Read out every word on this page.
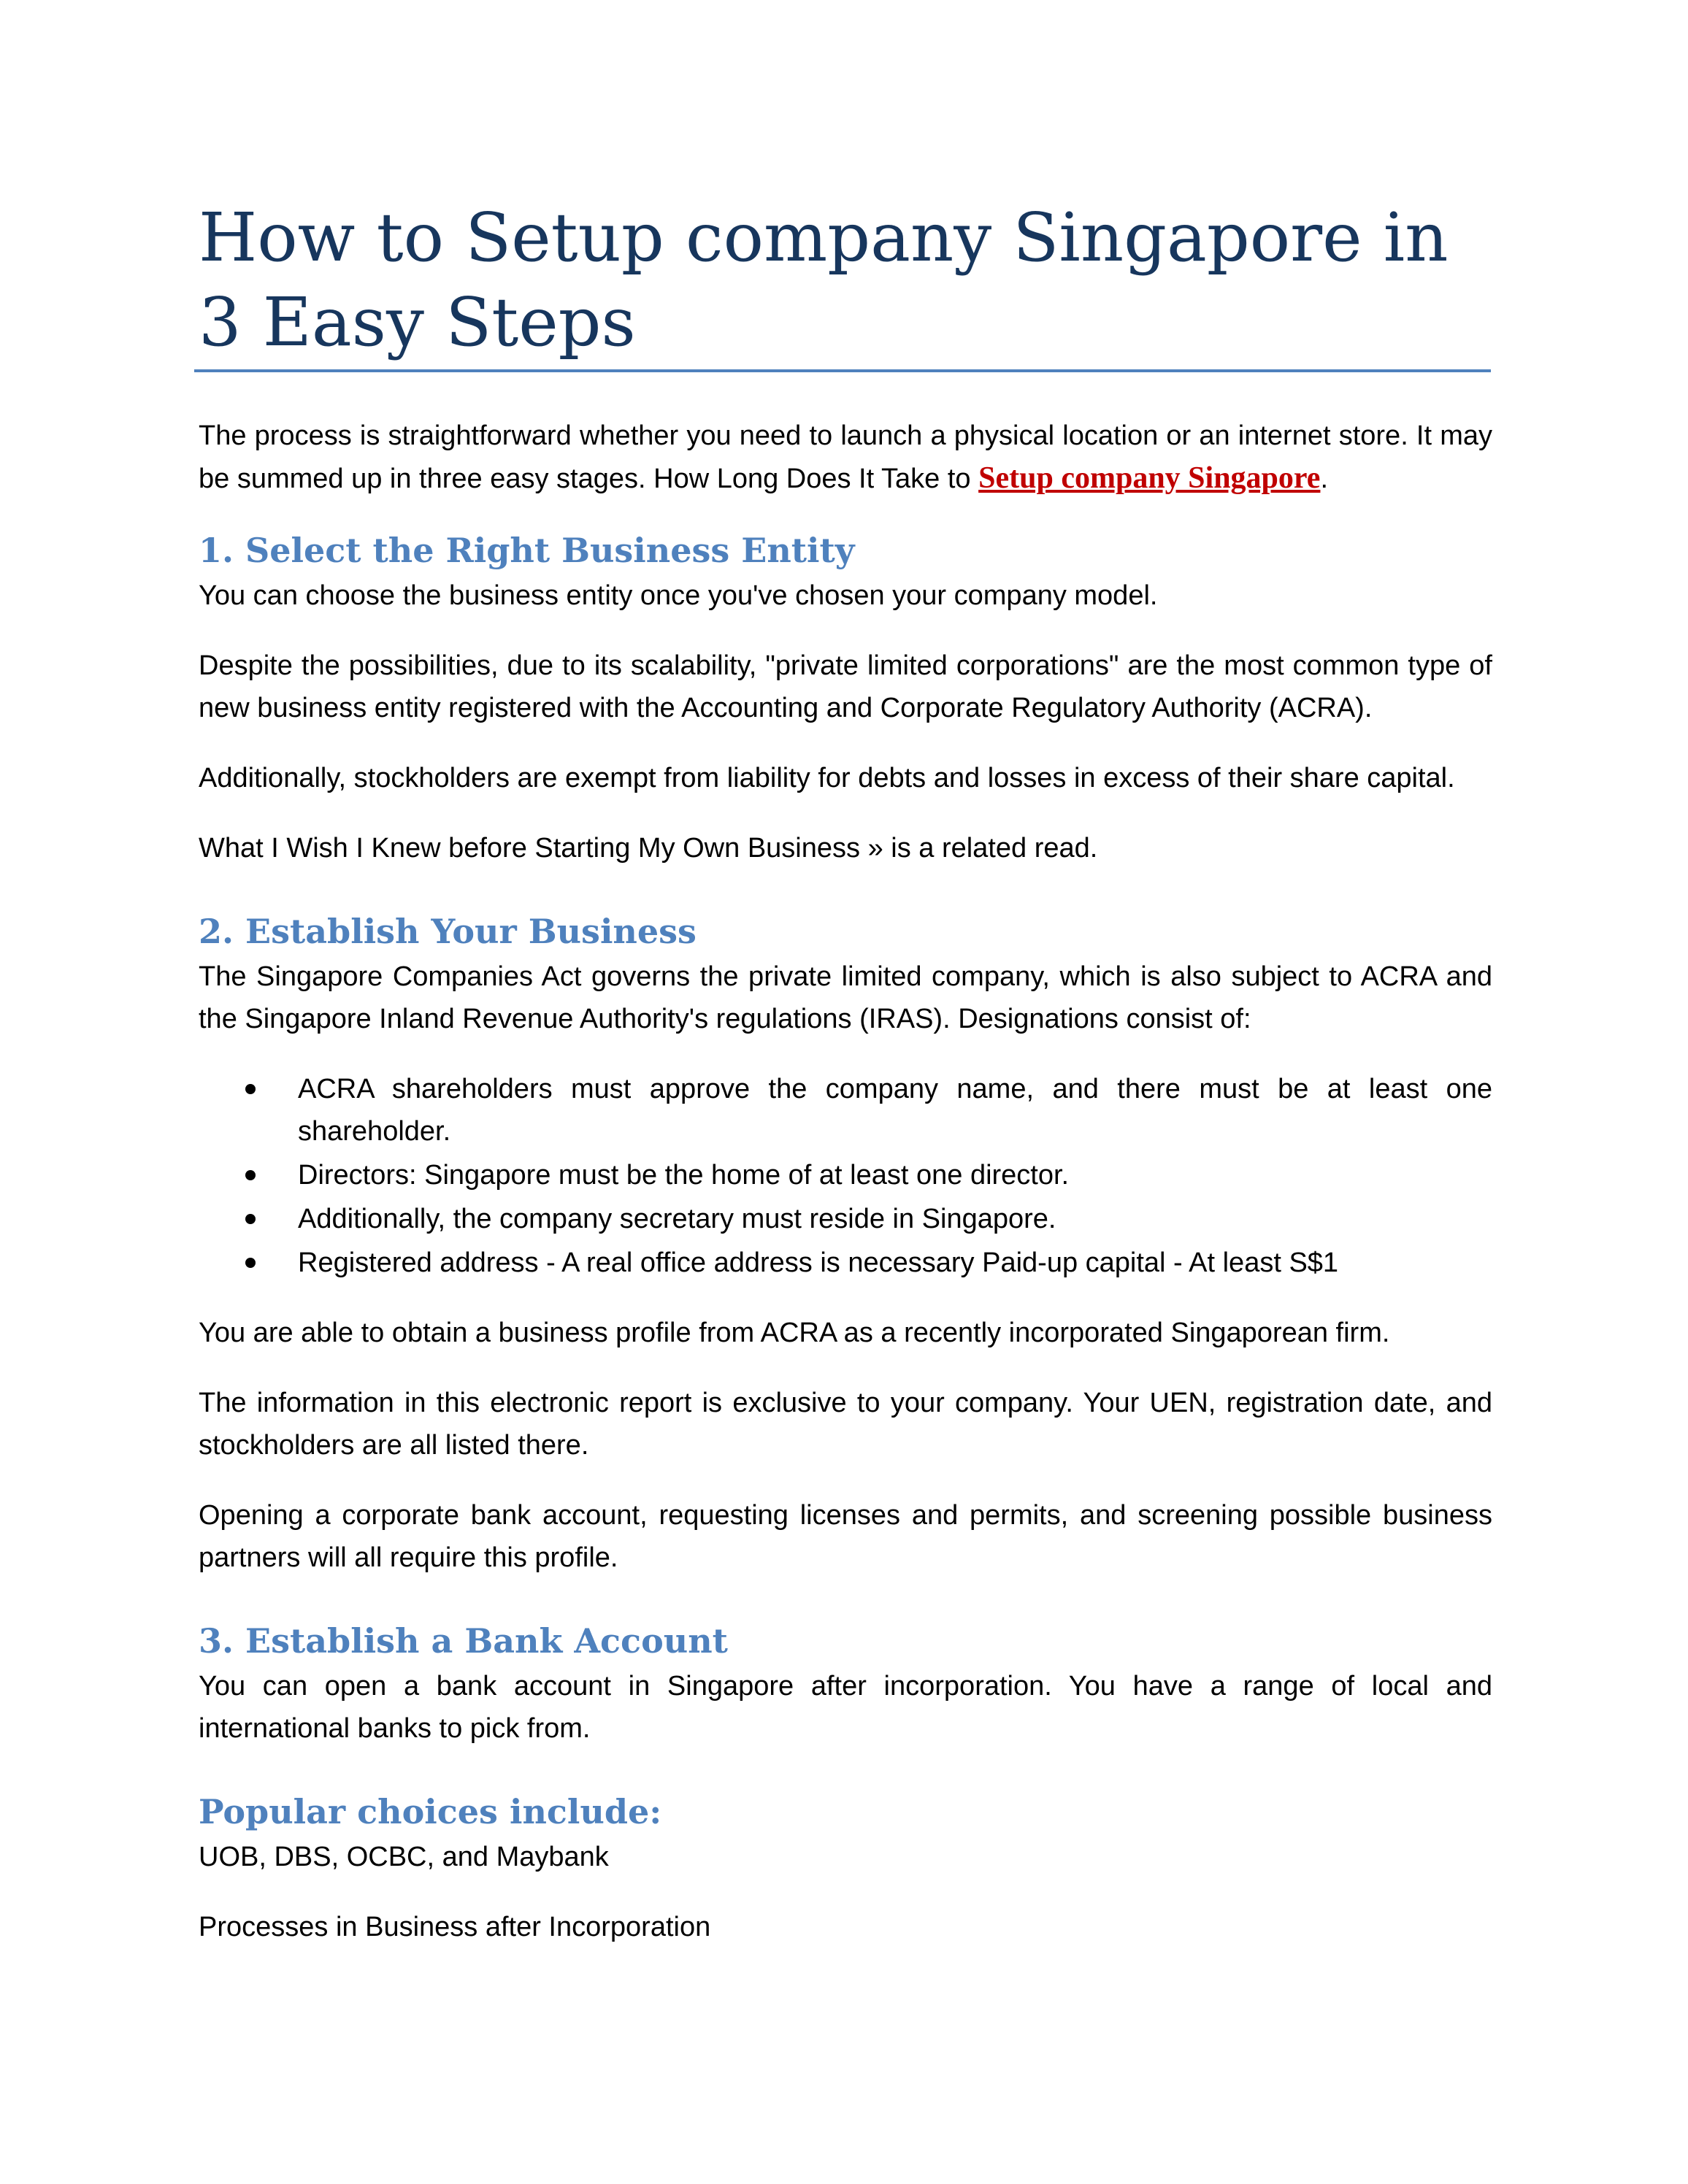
How to Setup company Singapore in 3 Easy Steps

The process is straightforward whether you need to launch a physical location or an internet store. It may be summed up in three easy stages. How Long Does It Take to Setup company Singapore.

1. Select the Right Business Entity

You can choose the business entity once you've chosen your company model.

Despite the possibilities, due to its scalability, "private limited corporations" are the most common type of new business entity registered with the Accounting and Corporate Regulatory Authority (ACRA).

Additionally, stockholders are exempt from liability for debts and losses in excess of their share capital.

What I Wish I Knew before Starting My Own Business » is a related read.

2. Establish Your Business

The Singapore Companies Act governs the private limited company, which is also subject to ACRA and the Singapore Inland Revenue Authority's regulations (IRAS). Designations consist of:

ACRA shareholders must approve the company name, and there must be at least one shareholder.
Directors: Singapore must be the home of at least one director.
Additionally, the company secretary must reside in Singapore.
Registered address - A real office address is necessary Paid-up capital - At least S$1

You are able to obtain a business profile from ACRA as a recently incorporated Singaporean firm.

The information in this electronic report is exclusive to your company. Your UEN, registration date, and stockholders are all listed there.

Opening a corporate bank account, requesting licenses and permits, and screening possible business partners will all require this profile.

3. Establish a Bank Account

You can open a bank account in Singapore after incorporation. You have a range of local and international banks to pick from.

Popular choices include:

UOB, DBS, OCBC, and Maybank

Processes in Business after Incorporation
